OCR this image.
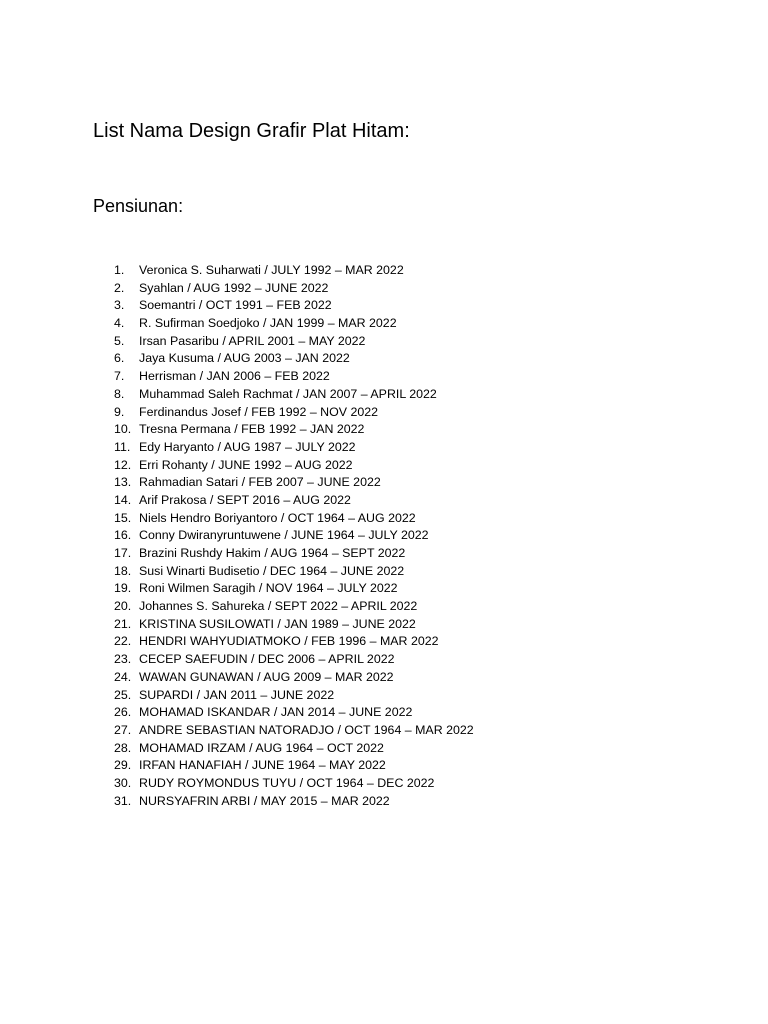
List Nama Design Grafir Plat Hitam:
Pensiunan:
1.	Veronica S. Suharwati / JULY 1992 – MAR 2022
2.	Syahlan / AUG 1992 – JUNE 2022
3.	Soemantri / OCT 1991 – FEB 2022
4.	R. Sufirman Soedjoko / JAN 1999 – MAR 2022
5.	Irsan Pasaribu / APRIL 2001 – MAY 2022
6.	Jaya Kusuma / AUG 2003 – JAN 2022
7.	Herrisman / JAN 2006 – FEB 2022
8.	Muhammad Saleh Rachmat / JAN 2007 – APRIL 2022
9.	Ferdinandus Josef / FEB 1992 – NOV 2022
10. Tresna Permana / FEB 1992 – JAN 2022
11. Edy Haryanto / AUG 1987 – JULY 2022
12. Erri Rohanty / JUNE 1992 – AUG 2022
13. Rahmadian Satari / FEB 2007 – JUNE 2022
14. Arif Prakosa / SEPT 2016 – AUG 2022
15. Niels Hendro Boriyantoro / OCT 1964 – AUG 2022
16. Conny Dwiranyruntuwene / JUNE 1964 – JULY 2022
17. Brazini Rushdy Hakim / AUG 1964 – SEPT 2022
18. Susi Winarti Budisetio / DEC 1964 – JUNE 2022
19. Roni Wilmen Saragih / NOV 1964 – JULY 2022
20. Johannes S. Sahureka / SEPT 2022 – APRIL 2022
21. KRISTINA SUSILOWATI / JAN 1989 – JUNE 2022
22. HENDRI WAHYUDIATMOKO / FEB 1996 – MAR 2022
23. CECEP SAEFUDIN / DEC 2006 – APRIL 2022
24. WAWAN GUNAWAN / AUG 2009 – MAR 2022
25. SUPARDI / JAN 2011 – JUNE 2022
26. MOHAMAD ISKANDAR / JAN 2014 – JUNE 2022
27. ANDRE SEBASTIAN NATORADJO / OCT 1964 – MAR 2022
28. MOHAMAD IRZAM / AUG 1964 – OCT 2022
29. IRFAN HANAFIAH / JUNE 1964 – MAY 2022
30. RUDY ROYMONDUS TUYU / OCT 1964 – DEC 2022
31. NURSYAFRIN ARBI / MAY 2015 – MAR 2022
